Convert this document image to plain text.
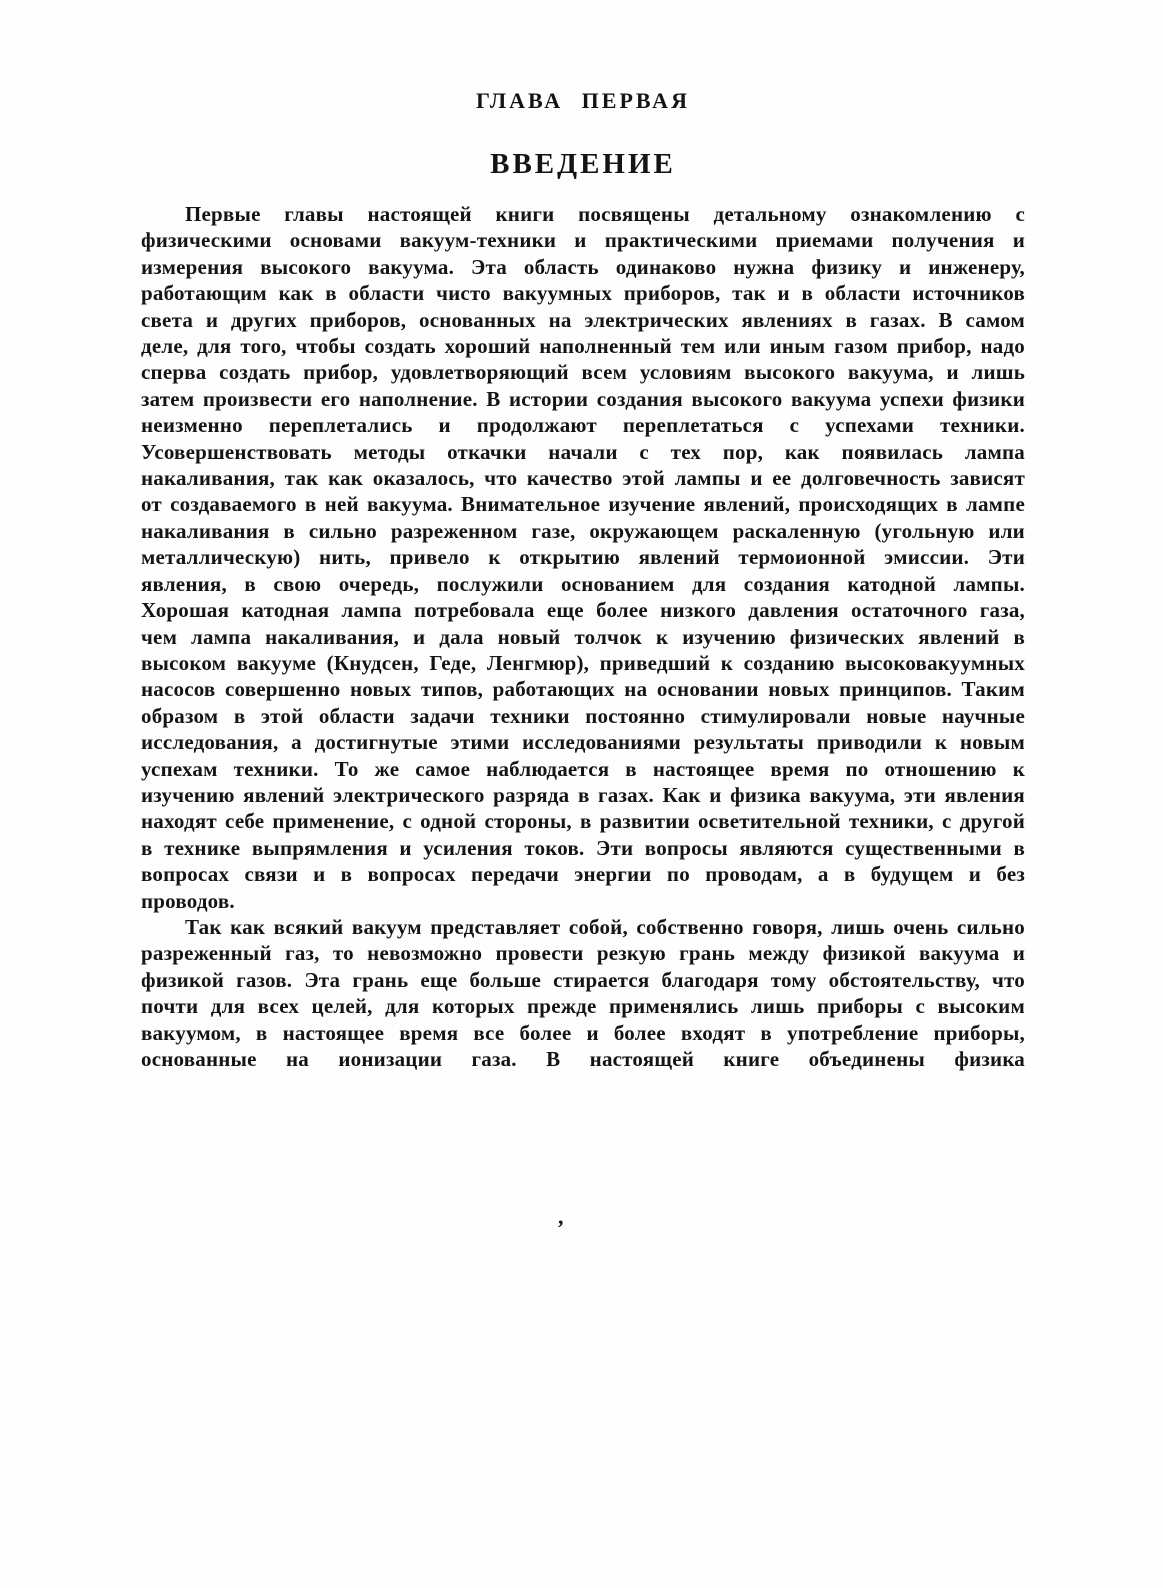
ГЛАВА ПЕРВАЯ
ВВЕДЕНИЕ

Первые главы настоящей книги посвящены детальному ознакомлению с физическими основами вакуум-техники и практическими приемами получения и измерения высокого вакуума. Эта область одинаково нужна физику и инженеру, работающим как в области чисто вакуумных приборов, так и в области источников света и других приборов, основанных на электрических явлениях в газах. В самом деле, для того, чтобы создать хороший наполненный тем или иным газом прибор, надо сперва создать прибор, удовлетворяющий всем условиям высокого вакуума, и лишь затем произвести его наполнение. В истории создания высокого вакуума успехи физики неизменно переплетались и продолжают переплетаться с успехами техники. Усовершенствовать методы откачки начали с тех пор, как появилась лампа накаливания, так как оказалось, что качество этой лампы и ее долговечность зависят от создаваемого в ней вакуума. Внимательное изучение явлений, происходящих в лампе накаливания в сильно разреженном газе, окружающем раскаленную (угольную или металлическую) нить, привело к открытию явлений термоионной эмиссии. Эти явления, в свою очередь, послужили основанием для создания катодной лампы. Хорошая катодная лампа потребовала еще более низкого давления остаточного газа, чем лампа накаливания, и дала новый толчок к изучению физических явлений в высоком вакууме (Кнудсен, Геде, Ленгмюр), приведший к созданию высоковакуумных насосов совершенно новых типов, работающих на основании новых принципов. Таким образом в этой области задачи техники постоянно стимулировали новые научные исследования, а достигнутые этими исследованиями результаты приводили к новым успехам техники. То же самое наблюдается в настоящее время по отношению к изучению явлений электрического разряда в газах. Как и физика вакуума, эти явления находят себе применение, с одной стороны, в развитии осветительной техники, с другой в технике выпрямления и усиления токов. Эти вопросы являются существенными в вопросах связи и в вопросах передачи энергии по проводам, а в будущем и без проводов.

Так как всякий вакуум представляет собой, собственно говоря, лишь очень сильно разреженный газ, то невозможно провести резкую грань между физикой вакуума и физикой газов. Эта грань еще больше стирается благодаря тому обстоятельству, что почти для всех целей, для которых прежде применялись лишь приборы с высоким вакуумом, в настоящее время все более и более входят в употребление приборы, основанные на ионизации газа. В настоящей книге объединены физика

,
